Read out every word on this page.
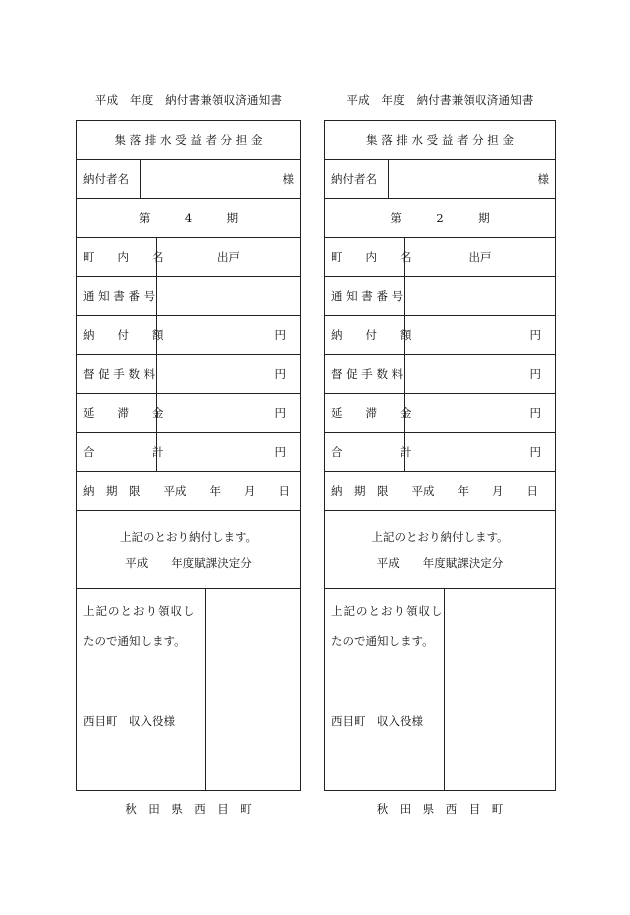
平成　年度　納付書兼領収済通知書
集 落 排 水 受 益 者 分 担 金
納付者名	様
第　　　4　　　期
町　　内　　名	出戸
通 知 書 番 号
納　　付　　額	円
督 促 手 数 料	円
延　　滞　　金	円
合　　　　　計	円
納　期　限　　平成　　年　　月　　日
上記のとおり納付します。
平成　　年度賦課決定分
上記のとおり領収し
たので通知します。
西目町　収入役様
秋　田　県　西　目　町
平成　年度　納付書兼領収済通知書
集 落 排 水 受 益 者 分 担 金
納付者名	様
第　　　2　　　期
町　　内　　名	出戸
通 知 書 番 号
納　　付　　額	円
督 促 手 数 料	円
延　　滞　　金	円
合　　　　　計	円
納　期　限　　平成　　年　　月　　日
上記のとおり納付します。
平成　　年度賦課決定分
上記のとおり領収し
たので通知します。
西目町　収入役様
秋　田　県　西　目　町
